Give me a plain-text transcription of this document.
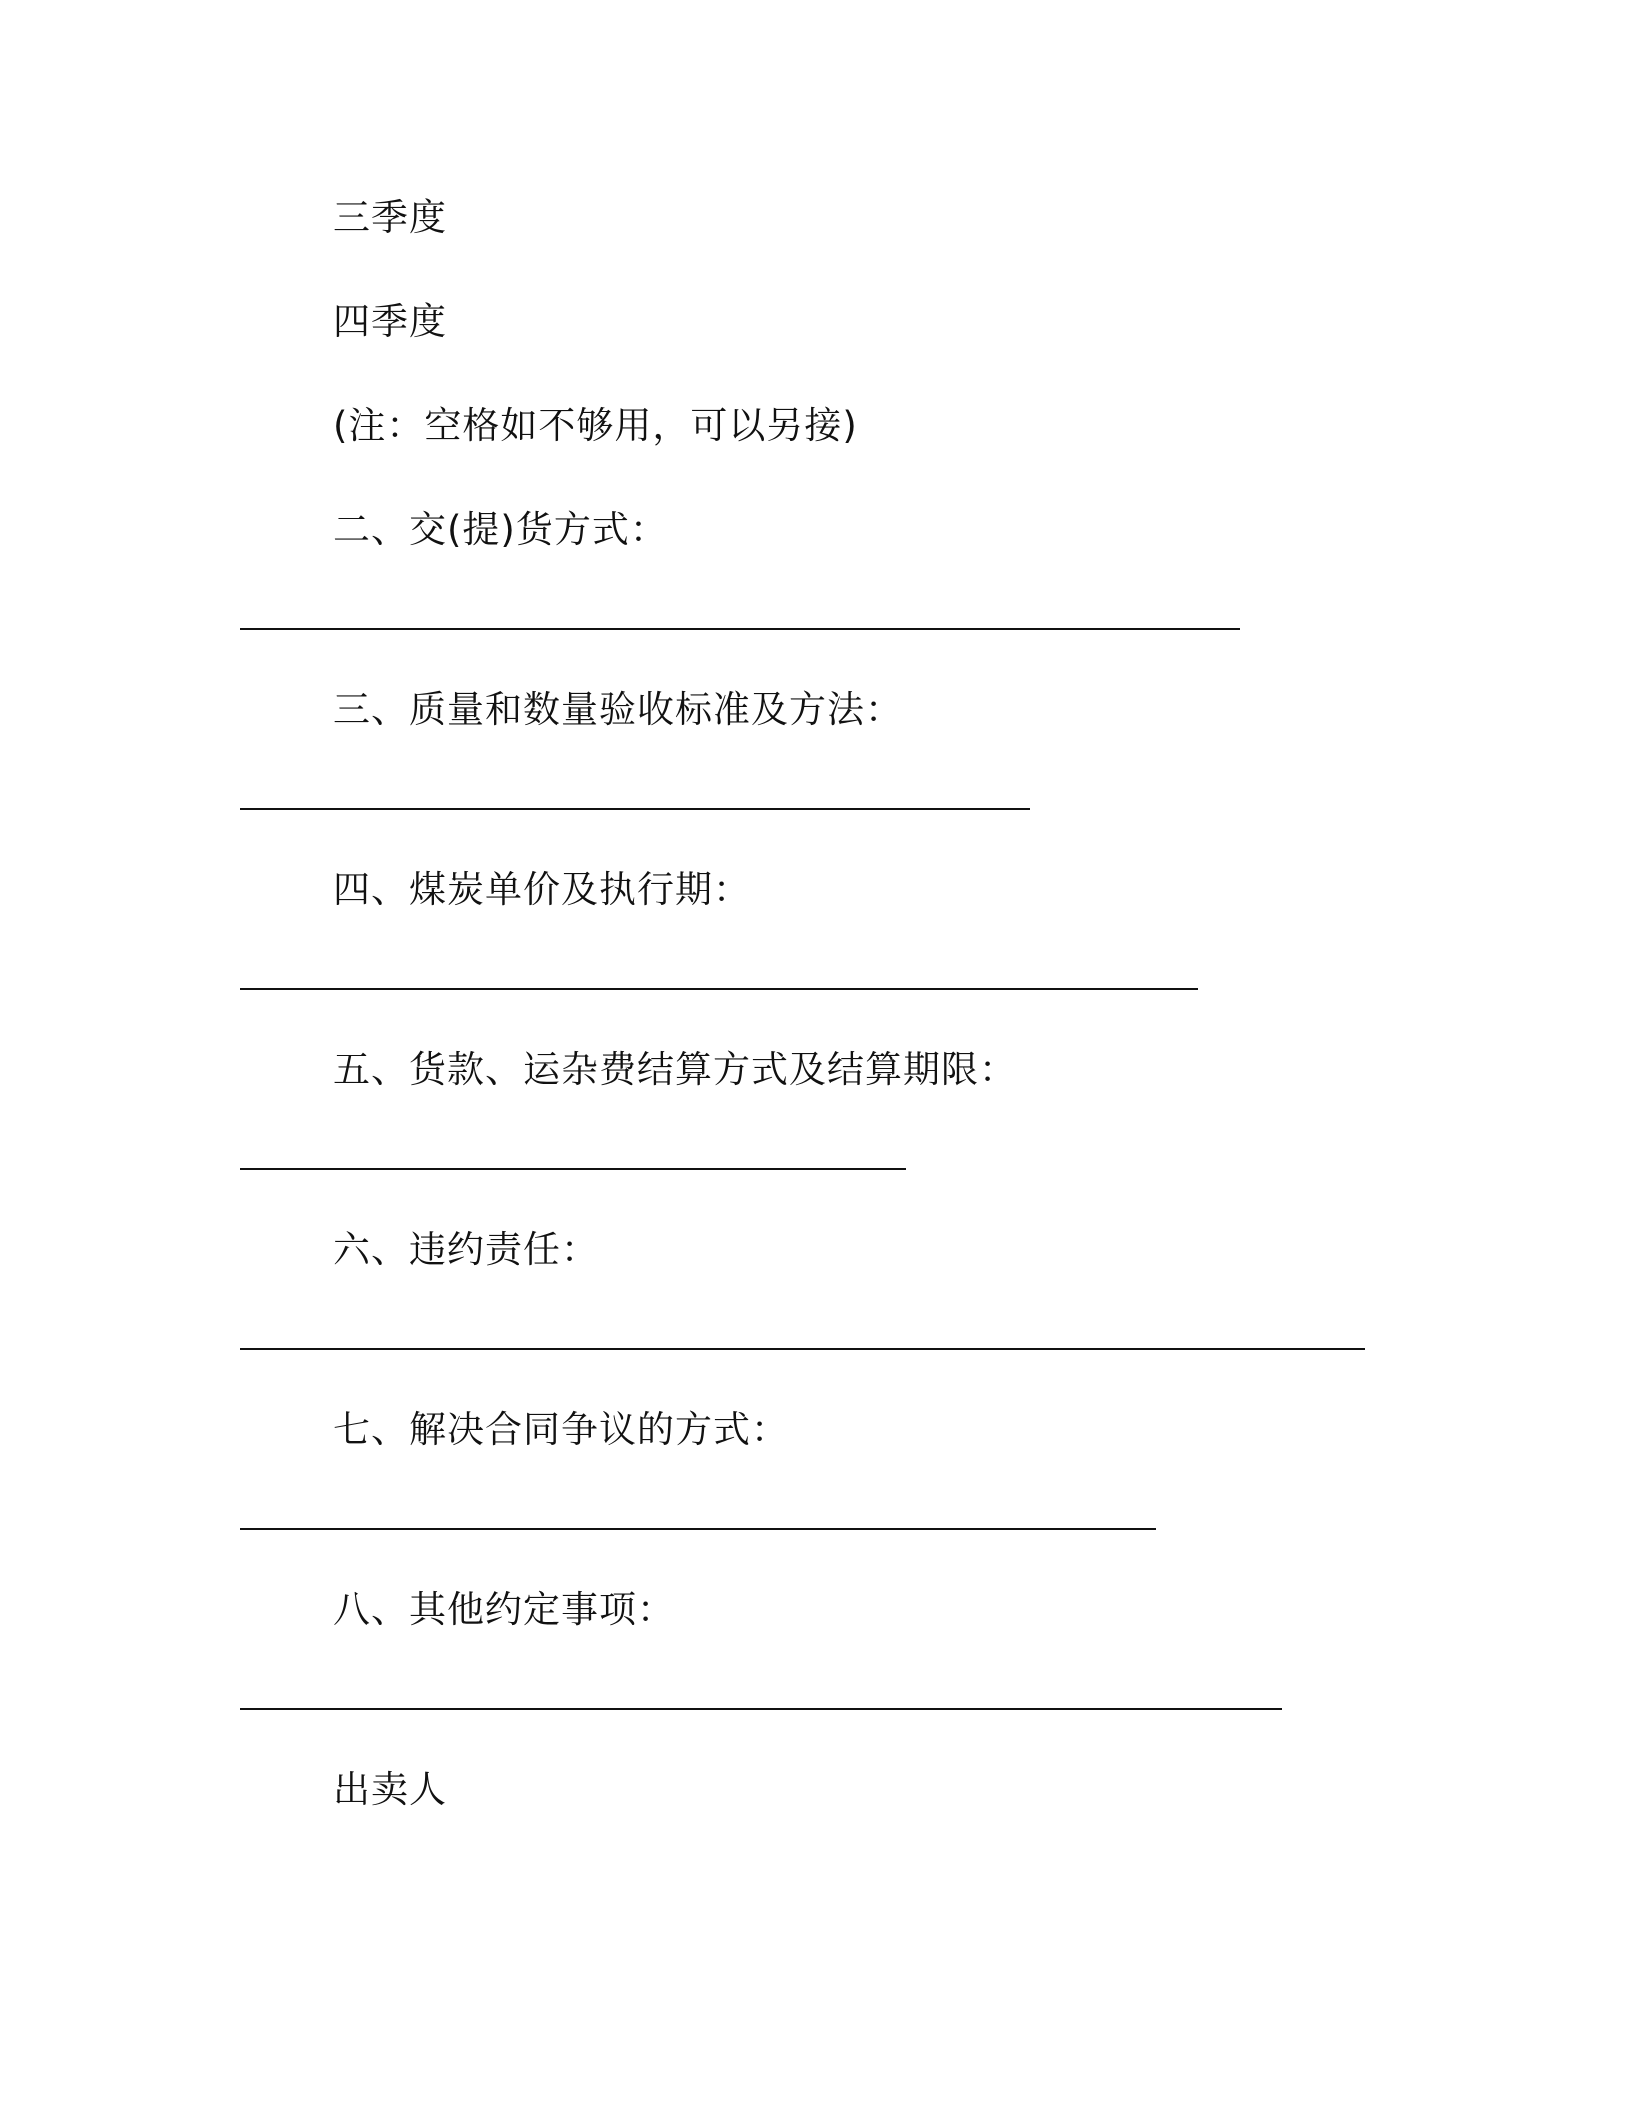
三季度
四季度
(注：空格如不够用，可以另接)
二、交(提)货方式：
三、质量和数量验收标准及方法：
四、煤炭单价及执行期：
五、货款、运杂费结算方式及结算期限：
六、违约责任：
七、解决合同争议的方式：
八、其他约定事项：
出卖人
